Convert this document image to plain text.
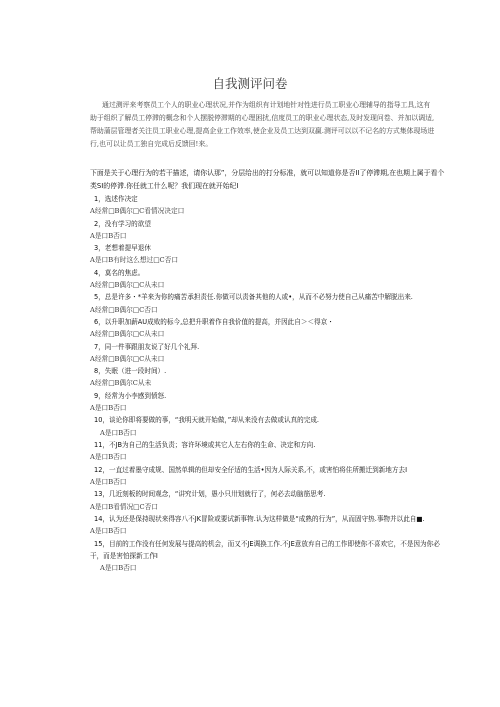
自我测评问卷

通过测评来考察员工个人的职业心理状况,并作为组织有计划地针对性进行员工职业心理辅导的指导工具,这有助于组织了解员工停滞的概念和个人摆脱停滞期的心理困扰,信度员工的职业心理状态,及时发现问卷、并加以调适,帮助蒲层管理者关注员工职业心理,提高企业工作效率,使企业及员工达到双赢.测评可以以不记名的方式集体现场进行,也可以让员工独自完成后反馈回!来。

下面是关于心理行为的若干描述，请你认那”，分层给出的打分标准，就可以知道你是否II了停滞期,在也期上属于看个类SI的停滞.你任就工什么呢？我们现在就开始纪I

1，选述作决定

A经常□B偶尔□C看情况决定口

2，没有学习的欲望

A是口B否口

3，老想着提早退休

A是口B有时这么想过□C否口

4，莫名的焦虑。

A经常□B偶尔□C从未口

5，总是许多・*羊来为你的痛苦承担责任.你做可以责备其他的人或•，从而不必努力使自己从痛苦中解脱出来.

A经常□B偶尔□C否口

6，以升职加薪AU成败的标今,总把升职着作自我价值的提高，并因此自＞＜得京・

A经常□B偶尔□C从未口

7，同一件事跟朋友说了好几个礼拜.

A经常□B偶尔□C从未口

8，失眠（进一段时间）.

A经常□B偶尔C从未

9，经常为小李感到愤怒.

A是口B否口

10，谈论你即将要做的事，“我明天就开始做，”却从来没有去做或认真的完成.

A是口B否口

11，不JB为自己的生活负责；容许环境或其它人左右你的生命、决定和方向.

A是口B否口

12，一直过着墨守成规、国然单辑的但却安全仔适的生活•因为人际关系,不，或害怕将住所搬迁到新地方去I

A是口B否口

13，几近刻板的时间观念，“讲究计划，愚小只卅划就行了，何必去动脑筋思考.

A是口B看情况□C否口

14，认为还是保持现状来得容八不JK冒险或要试新事物.认为这样做是“成熟的行为”，从而固守热.事物并以此自■.

A是口B否口

15，目前的工作没有任何发展与提高的机会，而又不JE调换工作.不JE意放弃自己的工作即使你不喜欢它，不是因为你必干，而是害怕探新工作I

A是口B否口
